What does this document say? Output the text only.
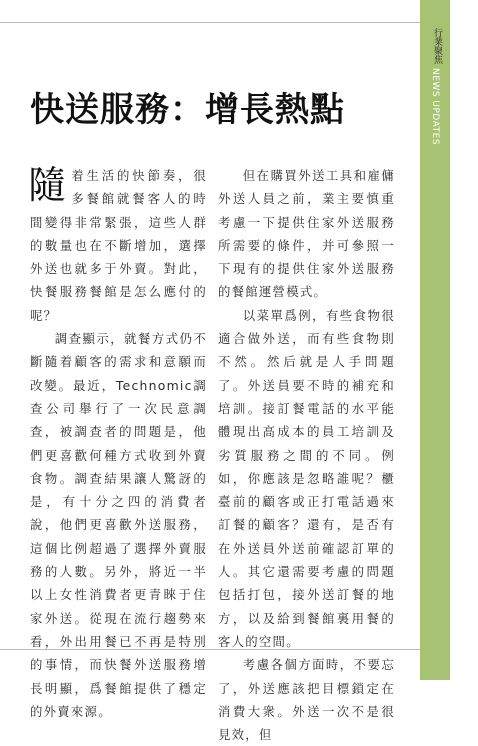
行業聚焦
NEWS UPDATES
快送服務：增長熱點

隨着生活的快節奏，很多餐館就餐客人的時間變得非常緊張，這些人群的數量也在不斷增加，選擇外送也就多于外賣。對此，快餐服務餐館是怎么應付的呢？

調查顯示，就餐方式仍不斷隨着顧客的需求和意願而改變。最近，Technomic調查公司舉行了一次民意調查，被調查者的問題是，他們更喜歡何種方式收到外賣食物。調查結果讓人驚訝的是，有十分之四的消費者說，他們更喜歡外送服務，這個比例超過了選擇外賣服務的人數。另外，將近一半以上女性消費者更青睞于住家外送。從現在流行趨勢來看，外出用餐已不再是特別的事情，而快餐外送服務增長明顯，爲餐館提供了穩定的外賣來源。

但在購買外送工具和雇傭外送人員之前，業主要慎重考慮一下提供住家外送服務所需要的條件，并可參照一下現有的提供住家外送服務的餐館運營模式。

以菜單爲例，有些食物很適合做外送，而有些食物則不然。然后就是人手問題了。外送員要不時的補充和培訓。接訂餐電話的水平能體現出高成本的員工培訓及劣質服務之間的不同。例如，你應該是忽略誰呢？櫃臺前的顧客或正打電話過來訂餐的顧客？還有，是否有在外送員外送前確認訂單的人。其它還需要考慮的問題包括打包，接外送訂餐的地方，以及給到餐館裏用餐的客人的空間。

考慮各個方面時，不要忘了，外送應該把目標鎖定在消費大衆。外送一次不是很見效，但
